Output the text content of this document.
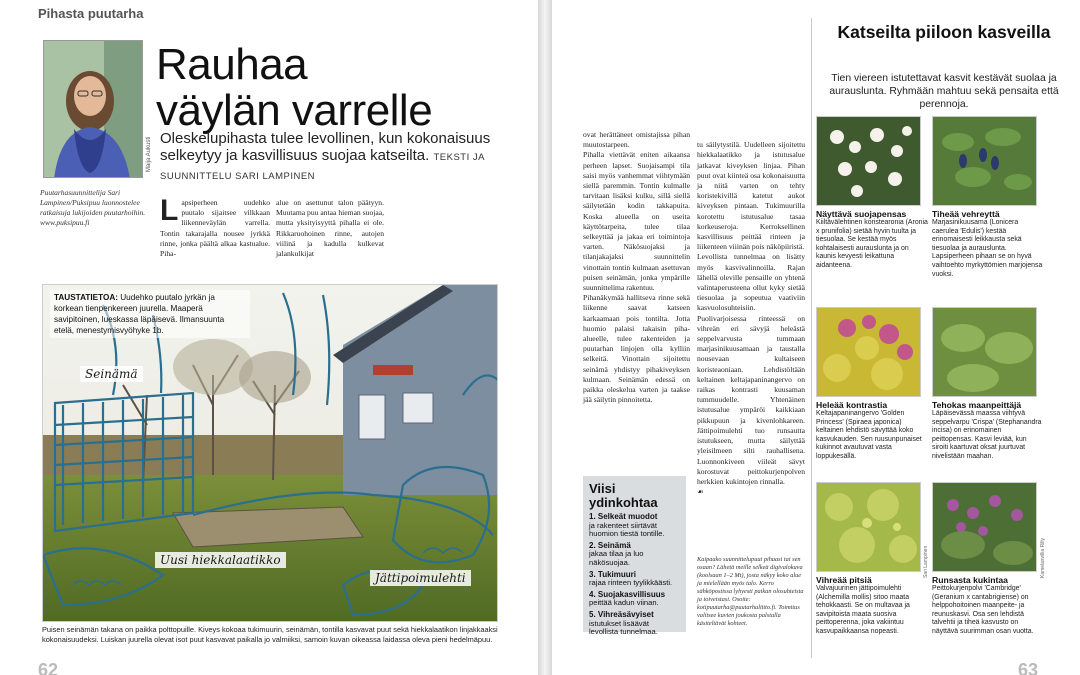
Pihasta puutarha
Maija Aukusti
Rauhaa
väylän varrelle
Oleskelupihasta tulee levollinen, kun kokonaisuus selkeytyy ja kasvillisuus suojaa katseilta. TEKSTI JA SUUNNITTELU SARI LAMPINEN
Puutarhasuunnittelija Sari Lampinen/Puksipuu luonnostelee ratkaisuja lukijoiden puutarhoihin. www.puksipuu.fi	Lapsiperheen uudehko puutalo sijaitsee vilkkaan liikenneväylän varrella. Tontin takarajalla nousee jyrkkä rinne, jonka päältä alkaa kastualue. Piha-
alue on asettunut talon päätyyn. Muutama puu antaa hieman suojaa, mutta yksityisyyttä pihalla ei ole. Rikkaruohoinen rinne, autojen viilinä ja kadulla kulkevat jalankulkijat
TAUSTATIETOA: Uudehko puutalo jyrkän ja korkean tienpenkereen juurella. Maaperä savipitoinen, lueskassa läpäisevä. Ilmansuunta etelä, menestymisvyöhyke 1b.
Seinämä
Uusi hiekkalaatikko
Jättipoimulehti
Puisen seinämän takana on paikka polttopuille. Kiveys kokoaa tukimuurin, seinämän, tontilla kasvavat puut sekä hiekkalaatikon linjakkaaksi kokonaisuudeksi. Luiskan juurella olevat isot puut kasvavat paikalla jo valmiiksi, samoin kuvan oikeassa laidassa oleva pieni hedelmäpuu.
62
ovat herättäneet omistajissa pihan muutostarpeen.
Pihalla viettävät eniten aikaansa perheen lapset. Suojaisampi tila saisi myös vanhemmat viihtymään siellä paremmin. Tontin kulmalle tarvitaan lisäksi kulku, sillä siellä säilytetään kodin takkapuita. Koska alueella on useita käyttötarpeita, tulee tilaa selkeyttää ja jakaa eri toimintoja varten. Näkösuojaksi ja tilanjakajaksi suunnittelin vinottain tontin kulmaan asettuvan puisen seinämän, jonka ympärille suunnittelima rakentuu.
Pihanäkymää hallitseva rinne sekä liikenne saavat katseen karkaamaan pois tontilta. Jotta huomio palaisi takaisin piha-alueelle, tulee rakenteiden ja puutarhan linjojen olla kylliin selkeitä. Vinottain sijoitettu seinämä yhdistyy pihakiveyksen kulmaan. Seinämän edessä on paikka oleskelua varten ja taakse jää säilytin pinnoitetta.

tu säilytystilä. Uudelleen sijoitettu hiekkalaatikko ja istutusalue jatkavat kiveyksen linjaa. Pihan puut ovat kiinteä osa kokonaisuutta ja niitä varten on tehty koristekivillä katetut aukot kiveyksen pintaan. Tukimuurilla korotettu istutusalue tasaa korkeuseroja. Kerroksellinen kasvillisuus peittää rinteen ja liikenteen viiinän pois näköpiiristä.
Levollista tunnelmaa on lisätty myös kasvivalinnoilla. Rajan lähellä oleville pensaille on yhtenä valintaperusteena ollut kyky sietää tiesuolaa ja sopeutua vaativiin kasvuolosuhteisiin. Puolivarjoisessa rinteessä on vihreän eri sävyjä heleästä seppelvarvusta tummaan marjasinikuusamaan ja taustalla nousevaan kultaiseen koristeaoniaan. Lehdistöltään keltainen keltajapaninangervo on raikas kontrasti kuusaman tummuudelle. Yhtenäinen istutusalue ympäröi kaikkiaan pikkupuun ja kivenlohkareen. Jättipoimulehti tuo runsautta istutukseen, mutta säilyttää yleisilmeen silti rauhallisena. Luonnonkiveen viileät sävyt korostuvat peittokurjenpolven herkkien kukintojen rinnalla.
☙

Viisi ydinkohtaa
1. Selkeät muodot
ja rakenteet siirtävät huomion tiestä tontille.
2. Seinämä
jakaa tilaa ja luo näkösuojaa.
3. Tukimuuri
rajaa rinteen tyylikkäästi.
4. Suojakasvillisuus
peittää kadun viinan.
5. Vihreäsävyiset
istutukset lisäävät levollista tunnelmaa.
Katseilta piiloon kasveilla
Tien viereen istutettavat kasvit kestävät suolaa ja aurauslunta. Ryhmään mahtuu sekä pensaita että perennoja.
Näyttävä suojapensas
Kiiltävälehtinen koristearonia (Aronia x prunifolia) sietää hyvin tuulta ja tiesuolaa. Se kestää myös kohtalaisesti aurauslunta ja on kaunis kevyesti leikattuna aidanteena.
Tiheää vehreyttä
Marjasinikuusama (Lonicera caerulea 'Edulis') kestää erinomaisesti leikkausta sekä tiesuolaa ja aurauslunta. Lapsiperheen pihaan se on hyvä vaihtoehto myrkyttömien marjojensa vuoksi.
Heleää kontrastia
Keltajapaninangervo 'Golden Princess' (Spiraea japonica) keltainen lehdistö sävyttää koko kasvukauden. Sen ruusunpunaiset kukinnot avautuvat vasta loppukesällä.
Tehokas maanpeittäjä
Läpäisevässä maassa viihtyvä seppelvarpu 'Crispa' (Stephanandra incisa) on erinomainen peittopensas. Kasvi leviää, kun siroiti kaartuvat oksat juurtuvat nivelistään maahan.
Vihreää pitsiä
Valvajuurinen jättipoimulehti (Alchemilla mollis) sitoo maata tehokkaasti. Se on multavaa ja savipitoista maata suosiva peittoperenna, joka vakiintuu kasvupaikkaansa nopeasti.
Runsasta kukintaa
Peittokurjenpolvi 'Cambridge' (Geranium x cantabrigiense) on helppohoitoinen maanpeite- ja reunuskasvi. Osa sen lehdistä talvehtii ja tiheä kasvusto on näyttävä suurimman osan vuotta.
Sari Lampinen	Kamelasvillia Rilly
63
Kaipaako suunnittelupuut pihaasi tai sen osaan? Lähetä meille selkeä digivalokuva (koolsaan 1–2 Mt), josta näkyy koko alue ja mielellään myös talo. Kerro sähköpostissa lyhyesti paikan olosuhteista ja toiveistasi. Osoite: kotipuutarha@puutarhaliitto.fi. Toimitus valitsee kuvien joukosta palstalla käsiteltävät kohteet.
